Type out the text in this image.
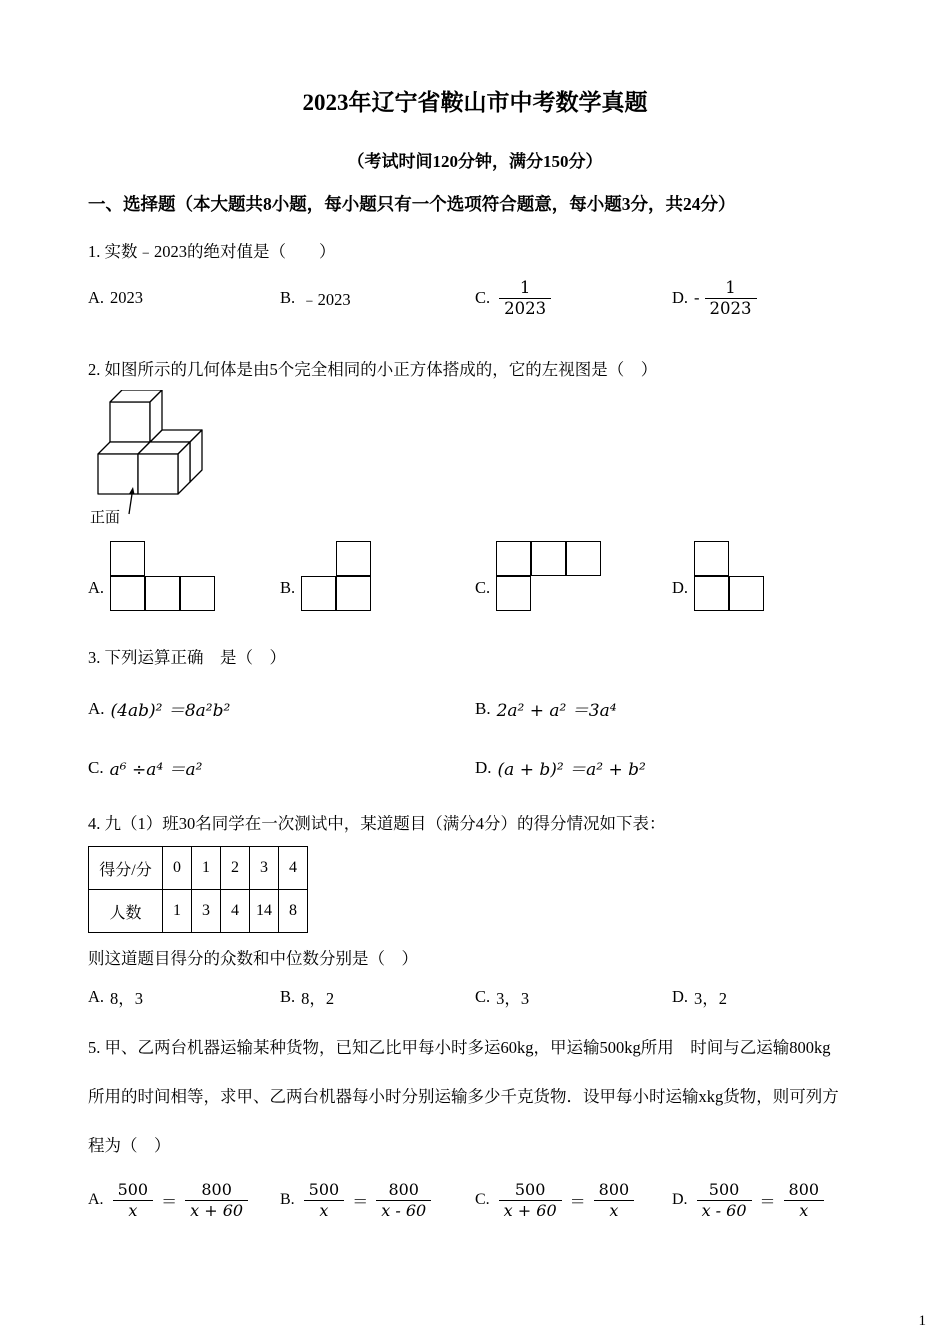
2023年辽宁省鞍山市中考数学真题
（考试时间120分钟，满分150分）
一、选择题（本大题共8小题，每小题只有一个选项符合题意，每小题3分，共24分）
1. 实数﹣2023的绝对值是（　　）
A. 2023	B. ﹣2023	C. $\frac{1}{2023}$	D. - $\frac{1}{2023}$
2. 如图所示的几何体是由5个完全相同的小正方体搭成的，它的左视图是（　）
正面
A.	B.	C.	D.
3. 下列运算正确　是（　）
A. (4ab)² ＝8a²b²	B. 2a² + a² ＝3a⁴
C. a⁶ ÷a⁴ ＝a²	D. (a + b)² ＝a² + b²
4. 九（1）班30名同学在一次测试中，某道题目（满分4分）的得分情况如下表：
得分/分	0	1	2	3	4
人数	1	3	4	14	8
则这道题目得分的众数和中位数分别是（　）
A. 8，3	B. 8，2	C. 3，3	D. 3，2
5. 甲、乙两台机器运输某种货物，已知乙比甲每小时多运60kg，甲运输500kg所用　时间与乙运输800kg
所用的时间相等，求甲、乙两台机器每小时分别运输多少千克货物．设甲每小时运输xkg货物，则可列方
程为（　）
A. $\frac{500}{x} = \frac{800}{x + 60} B$. $\frac{500}{x} = \frac{800}{x - 60}$	C. $\frac{500}{x + 60} = \frac{800}{x} D$. $\frac{500}{x - 60} = \frac{800}{x}$
1
